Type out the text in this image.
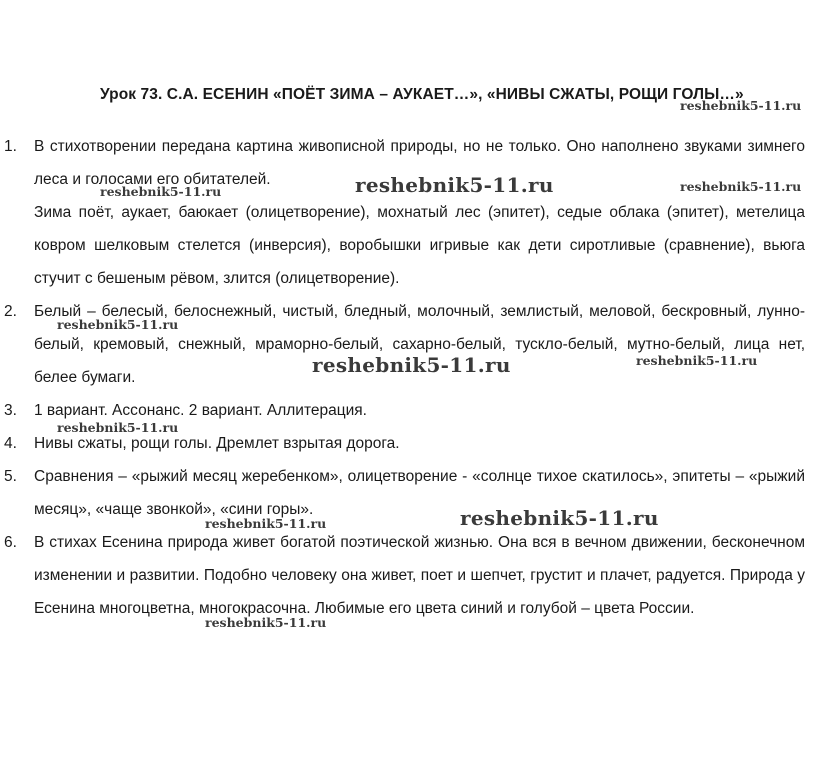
Урок 73. С.А. ЕСЕНИН «ПОЁТ ЗИМА – АУКАЕТ…», «НИВЫ СЖАТЫ, РОЩИ ГОЛЫ…»
1. В стихотворении передана картина живописной природы, но не только. Оно наполнено звуками зимнего леса и голосами его обитателей.

Зима поёт, аукает, баюкает (олицетворение), мохнатый лес (эпитет), седые облака (эпитет), метелица ковром шелковым стелется (инверсия), воробышки игривые как дети сиротливые (сравнение), вьюга стучит с бешеным рёвом, злится (олицетворение).

2. Белый – белесый, белоснежный, чистый, бледный, молочный, землистый, меловой, бескровный, лунно-белый, кремовый, снежный, мраморно-белый, сахарно-белый, тускло-белый, мутно-белый, лица нет, белее бумаги.

3. 1 вариант. Ассонанс. 2 вариант. Аллитерация.

4. Нивы сжаты, рощи голы. Дремлет взрытая дорога.

5. Сравнения – «рыжий месяц жеребенком», олицетворение - «солнце тихое скатилось», эпитеты – «рыжий месяц», «чаще звонкой», «сини горы».

6. В стихах Есенина природа живет богатой поэтической жизнью. Она вся в вечном движении, бесконечном изменении и развитии. Подобно человеку она живет, поет и шепчет, грустит и плачет, радуется. Природа у Есенина многоцветна, многокрасочна. Любимые его цвета синий и голубой – цвета России.

reshebnik5-11.ru
reshebnik5-11.ru
reshebnik5-11.ru	reshebnik5-11.ru
reshebnik5-11.ru
reshebnik5-11.ru	reshebnik5-11.ru
reshebnik5-11.ru
reshebnik5-11.ru
reshebnik5-11.ru
reshebnik5-11.ru
